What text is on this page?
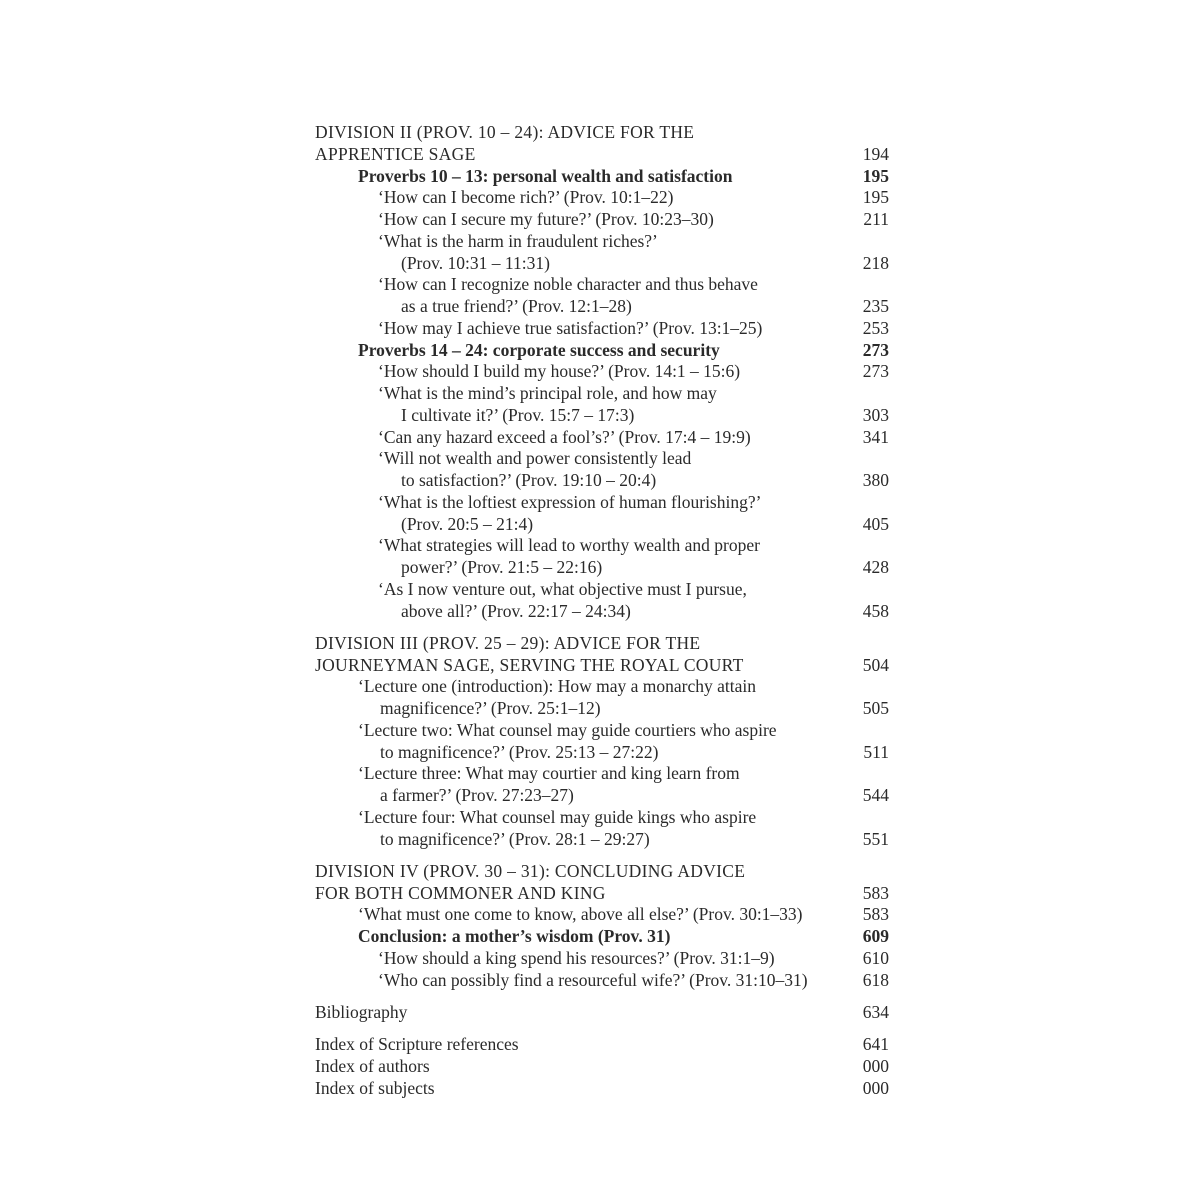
DIVISION II (PROV. 10 – 24): ADVICE FOR THE
APPRENTICE SAGE	194
Proverbs 10 – 13: personal wealth and satisfaction	195
‘How can I become rich?’ (Prov. 10:1–22)	195
‘How can I secure my future?’ (Prov. 10:23–30)	211
‘What is the harm in fraudulent riches?’
(Prov. 10:31 – 11:31)	218
‘How can I recognize noble character and thus behave
as a true friend?’ (Prov. 12:1–28)	235
‘How may I achieve true satisfaction?’ (Prov. 13:1–25)	253
Proverbs 14 – 24: corporate success and security	273
‘How should I build my house?’ (Prov. 14:1 – 15:6)	273
‘What is the mind’s principal role, and how may
I cultivate it?’ (Prov. 15:7 – 17:3)	303
‘Can any hazard exceed a fool’s?’ (Prov. 17:4 – 19:9)	341
‘Will not wealth and power consistently lead
to satisfaction?’ (Prov. 19:10 – 20:4)	380
‘What is the loftiest expression of human flourishing?’
(Prov. 20:5 – 21:4)	405
‘What strategies will lead to worthy wealth and proper
power?’ (Prov. 21:5 – 22:16)	428
‘As I now venture out, what objective must I pursue,
above all?’ (Prov. 22:17 – 24:34)	458
DIVISION III (PROV. 25 – 29): ADVICE FOR THE
JOURNEYMAN SAGE, SERVING THE ROYAL COURT	504
‘Lecture one (introduction): How may a monarchy attain
magnificence?’ (Prov. 25:1–12)	505
‘Lecture two: What counsel may guide courtiers who aspire
to magnificence?’ (Prov. 25:13 – 27:22)	511
‘Lecture three: What may courtier and king learn from
a farmer?’ (Prov. 27:23–27)	544
‘Lecture four: What counsel may guide kings who aspire
to magnificence?’ (Prov. 28:1 – 29:27)	551
DIVISION IV (PROV. 30 – 31): CONCLUDING ADVICE
FOR BOTH COMMONER AND KING	583
‘What must one come to know, above all else?’ (Prov. 30:1–33)	583
Conclusion: a mother’s wisdom (Prov. 31)	609
‘How should a king spend his resources?’ (Prov. 31:1–9)	610
‘Who can possibly find a resourceful wife?’ (Prov. 31:10–31)	618
Bibliography	634
Index of Scripture references	641
Index of authors	000
Index of subjects	000
